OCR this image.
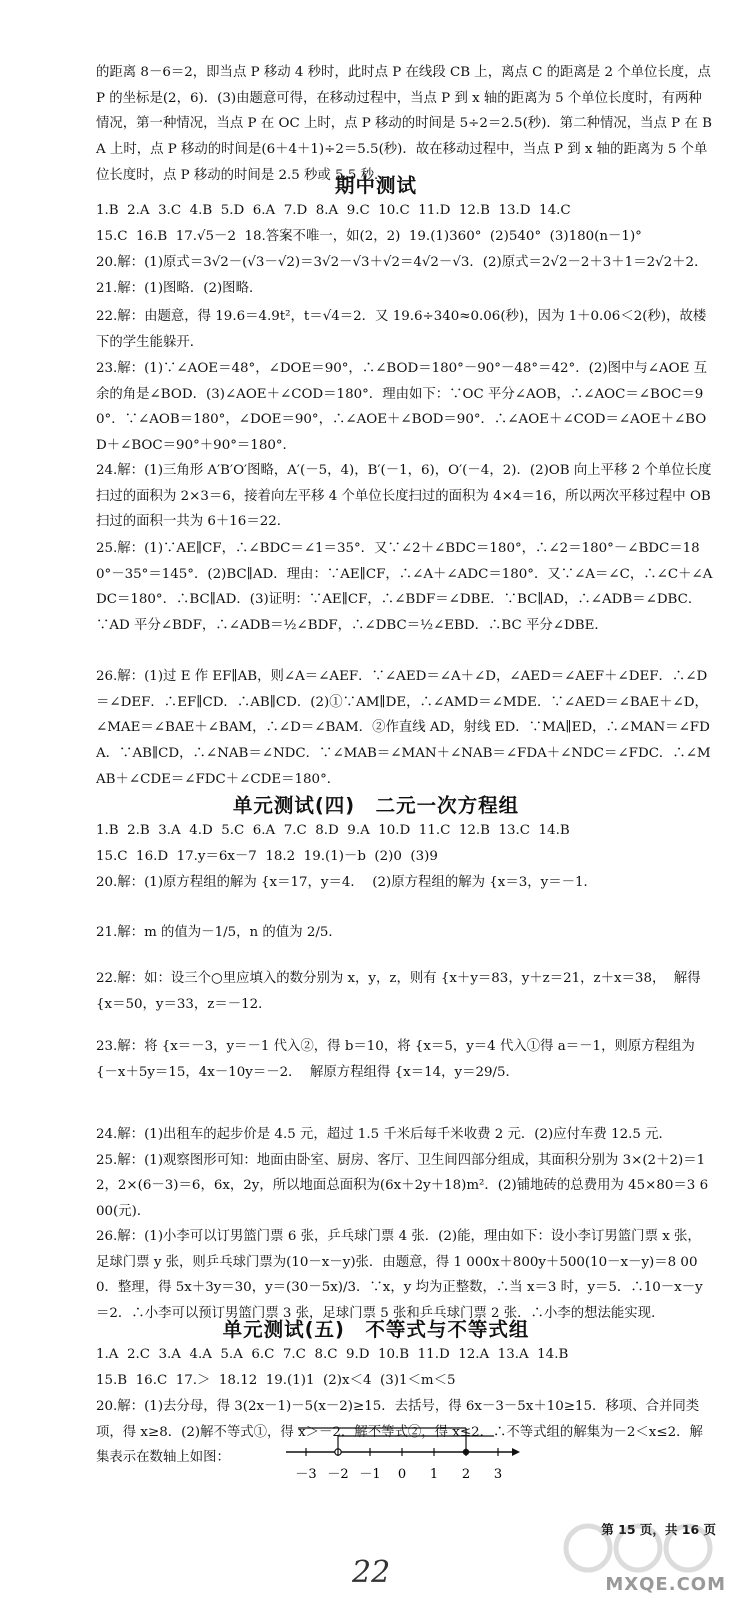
的距离 8－6＝2，即当点 P 移动 4 秒时，此时点 P 在线段 CB 上，离点 C 的距离是 2 个单位长度，点 P 的坐标是(2，6)．(3)由题意可得，在移动过程中，当点 P 到 x 轴的距离为 5 个单位长度时，有两种情况，第一种情况，当点 P 在 OC 上时，点 P 移动的时间是 5÷2＝2.5(秒)．第二种情况，当点 P 在 BA 上时，点 P 移动的时间是(6＋4＋1)÷2＝5.5(秒)．故在移动过程中，当点 P 到 x 轴的距离为 5 个单位长度时，点 P 移动的时间是 2.5 秒或 5.5 秒．

期中测试

1.B  2.A  3.C  4.B  5.D  6.A  7.D  8.A  9.C  10.C  11.D  12.B  13.D  14.C
15.C  16.B  17.√5－2  18.答案不唯一，如(2，2)  19.(1)360°  (2)540°  (3)180(n－1)°

20.解：(1)原式＝3√2－(√3－√2)＝3√2－√3＋√2＝4√2－√3．(2)原式＝2√2－2＋3＋1＝2√2＋2．
21.解：(1)图略．(2)图略．

22.解：由题意，得 19.6＝4.9t²，t＝√4＝2．又 19.6÷340≈0.06(秒)，因为 1＋0.06＜2(秒)，故楼下的学生能躲开．

23.解：(1)∵∠AOE＝48°，∠DOE＝90°，∴∠BOD＝180°－90°－48°＝42°．(2)图中与∠AOE 互余的角是∠BOD．(3)∠AOE＋∠COD＝180°．理由如下：∵OC 平分∠AOB，∴∠AOC＝∠BOC＝90°．∵∠AOB＝180°，∠DOE＝90°，∴∠AOE＋∠BOD＝90°．∴∠AOE＋∠COD＝∠AOE＋∠BOD＋∠BOC＝90°＋90°＝180°．

24.解：(1)三角形 A′B′O′图略，A′(－5，4)，B′(－1，6)，O′(－4，2)．(2)OB 向上平移 2 个单位长度扫过的面积为 2×3＝6，接着向左平移 4 个单位长度扫过的面积为 4×4＝16，所以两次平移过程中 OB 扫过的面积一共为 6＋16＝22．

25.解：(1)∵AE∥CF，∴∠BDC＝∠1＝35°．又∵∠2＋∠BDC＝180°，∴∠2＝180°－∠BDC＝180°－35°＝145°．(2)BC∥AD．理由：∵AE∥CF，∴∠A＋∠ADC＝180°．又∵∠A＝∠C，∴∠C＋∠ADC＝180°．∴BC∥AD．(3)证明：∵AE∥CF，∴∠BDF＝∠DBE．∵BC∥AD，∴∠ADB＝∠DBC．∵AD 平分∠BDF，∴∠ADB＝½∠BDF，∴∠DBC＝½∠EBD．∴BC 平分∠DBE．

26.解：(1)过 E 作 EF∥AB，则∠A＝∠AEF．∵∠AED＝∠A＋∠D，∠AED＝∠AEF＋∠DEF．∴∠D＝∠DEF．∴EF∥CD．∴AB∥CD．(2)①∵AM∥DE，∴∠AMD＝∠MDE．∵∠AED＝∠BAE＋∠D，∠MAE＝∠BAE＋∠BAM，∴∠D＝∠BAM．②作直线 AD，射线 ED．∵MA∥ED，∴∠MAN＝∠FDA．∵AB∥CD，∴∠NAB＝∠NDC．∵∠MAB＝∠MAN＋∠NAB＝∠FDA＋∠NDC＝∠FDC．∴∠MAB＋∠CDE＝∠FDC＋∠CDE＝180°．

单元测试(四)　二元一次方程组

1.B  2.B  3.A  4.D  5.C  6.A  7.C  8.D  9.A  10.D  11.C  12.B  13.C  14.B
15.C  16.D  17.y＝6x－7  18.2  19.(1)－b  (2)0  (3)9

20.解：(1)原方程组的解为 {x＝17，y＝4．  (2)原方程组的解为 {x＝3，y＝－1．

21.解：m 的值为－1/5，n 的值为 2/5．

22.解：如：设三个○里应填入的数分别为 x，y，z，则有 {x＋y＝83，y＋z＝21，z＋x＝38，  解得 {x＝50，y＝33，z＝－12．

23.解：将 {x＝－3，y＝－1 代入②，得 b＝10，将 {x＝5，y＝4 代入①得 a＝－1，则原方程组为 {－x＋5y＝15，4x－10y＝－2．  解原方程组得 {x＝14，y＝29/5．

24.解：(1)出租车的起步价是 4.5 元，超过 1.5 千米后每千米收费 2 元．(2)应付车费 12.5 元．
25.解：(1)观察图形可知：地面由卧室、厨房、客厅、卫生间四部分组成，其面积分别为 3×(2＋2)＝12，2×(6－3)＝6，6x，2y，所以地面总面积为(6x＋2y＋18)m²．(2)铺地砖的总费用为 45×80＝3 600(元)．

26.解：(1)小李可以订男篮门票 6 张，乒乓球门票 4 张．(2)能，理由如下：设小李订男篮门票 x 张，足球门票 y 张，则乒乓球门票为(10－x－y)张．由题意，得 1 000x＋800y＋500(10－x－y)＝8 000．整理，得 5x＋3y＝30，y＝(30－5x)/3．∵x，y 均为正整数，∴当 x＝3 时，y＝5．∴10－x－y＝2．∴小李可以预订男篮门票 3 张，足球门票 5 张和乒乓球门票 2 张．∴小李的想法能实现．

单元测试(五)　不等式与不等式组

1.A  2.C  3.A  4.A  5.A  6.C  7.C  8.C  9.D  10.B  11.D  12.A  13.A  14.B
15.B  16.C  17.＞  18.12  19.(1)1  (2)x＜4  (3)1＜m＜5

20.解：(1)去分母，得 3(2x－1)－5(x－2)≥15．去括号，得 6x－3－5x＋10≥15．移项、合并同类项，得 x≥8．(2)解不等式①，得 x＞－2．解不等式②，得 x≤2．∴不等式组的解集为－2＜x≤2．解集表示在数轴上如图：

－3 －2 －1 0 1 2 3
第 15 页，共 16 页
22	MXQE.COM
